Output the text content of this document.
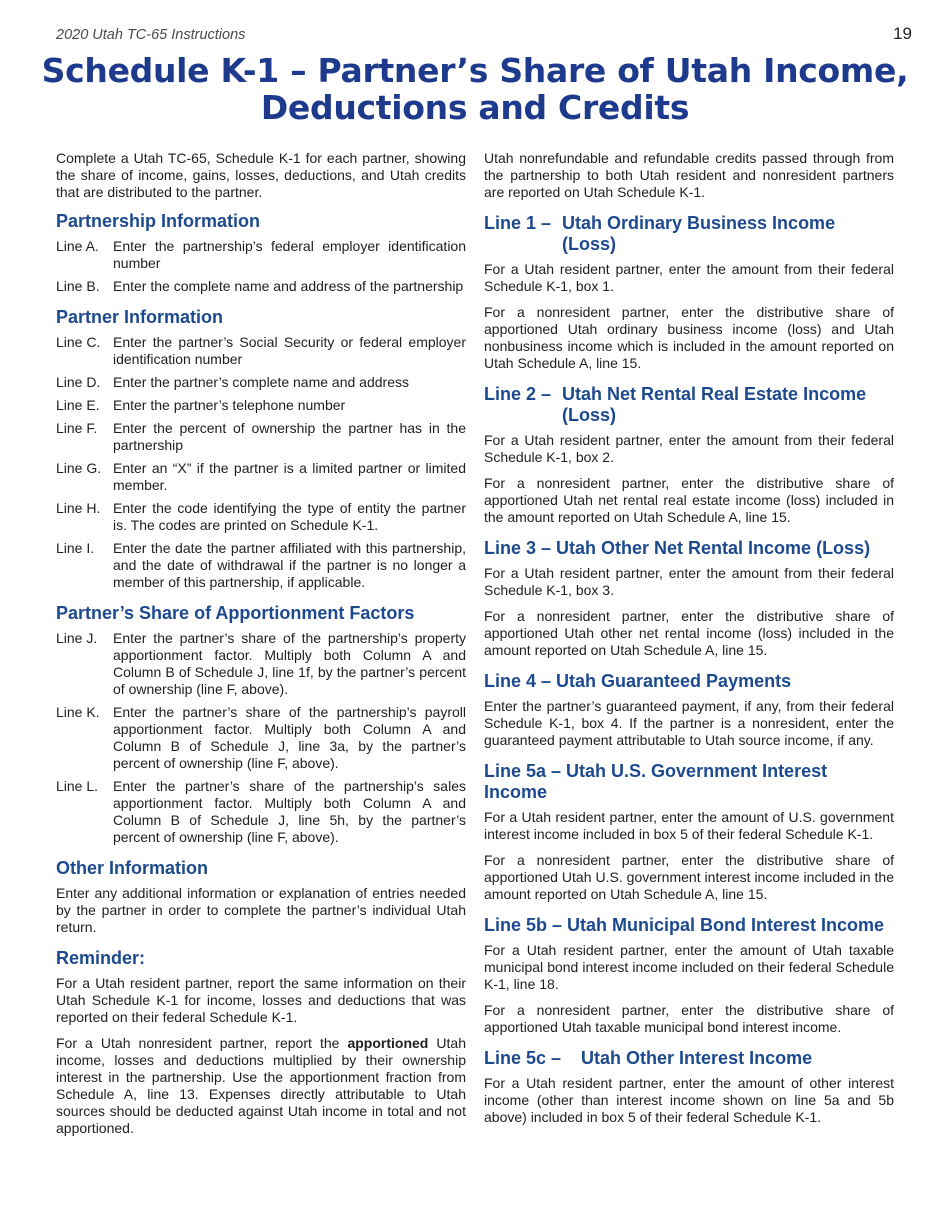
2020 Utah TC-65 Instructions	19
Schedule K-1 – Partner’s Share of Utah Income, Deductions and Credits

Complete a Utah TC-65, Schedule K-1 for each partner, showing the share of income, gains, losses, deductions, and Utah credits that are distributed to the partner.

Partnership Information
Line A.	Enter the partnership’s federal employer identification number
Line B. Enter the complete name and address of the partnership
Partner Information
Line C. Enter the partner’s Social Security or federal employer identification number
Line D. Enter the partner’s complete name and address
Line E. Enter the partner’s telephone number
Line F.	Enter the percent of ownership the partner has in the partnership
Line G. Enter an “X” if the partner is a limited partner or limited member.
Line H. Enter the code identifying the type of entity the partner is. The codes are printed on Schedule K-1.
Line I.	Enter the date the partner affiliated with this partnership, and the date of withdrawal if the partner is no longer a member of this partnership, if applicable.
Partner’s Share of Apportionment Factors
Line J.	Enter the partner’s share of the partnership’s property apportionment factor. Multiply both Column A and Column B of Schedule J, line 1f, by the partner’s percent of ownership (line F, above).
Line K. Enter the partner’s share of the partnership’s payroll apportionment factor. Multiply both Column A and Column B of Schedule J, line 3a, by the partner’s percent of ownership (line F, above).
Line L.	Enter the partner’s share of the partnership’s sales apportionment factor. Multiply both Column A and Column B of Schedule J, line 5h, by the partner’s percent of ownership (line F, above).
Other Information

Enter any additional information or explanation of entries needed by the partner in order to complete the partner’s individual Utah return.

Reminder:

For a Utah resident partner, report the same information on their Utah Schedule K-1 for income, losses and deductions that was reported on their federal Schedule K-1.

For a Utah nonresident partner, report the apportioned Utah income, losses and deductions multiplied by their ownership interest in the partnership. Use the apportionment fraction from Schedule A, line 13. Expenses directly attributable to Utah sources should be deducted against Utah income in total and not apportioned.

Utah nonrefundable and refundable credits passed through from the partnership to both Utah resident and nonresident partners are reported on Utah Schedule K-1.

Line 1 – Utah Ordinary Business Income (Loss)

For a Utah resident partner, enter the amount from their federal Schedule K-1, box 1.

For a nonresident partner, enter the distributive share of apportioned Utah ordinary business income (loss) and Utah nonbusiness income which is included in the amount reported on Utah Schedule A, line 15.

Line 2 – Utah Net Rental Real Estate Income (Loss)

For a Utah resident partner, enter the amount from their federal Schedule K-1, box 2.

For a nonresident partner, enter the distributive share of apportioned Utah net rental real estate income (loss) included in the amount reported on Utah Schedule A, line 15.

Line 3 – Utah Other Net Rental Income (Loss)

For a Utah resident partner, enter the amount from their federal Schedule K-1, box 3.

For a nonresident partner, enter the distributive share of apportioned Utah other net rental income (loss) included in the amount reported on Utah Schedule A, line 15.

Line 4 – Utah Guaranteed Payments

Enter the partner’s guaranteed payment, if any, from their federal Schedule K-1, box 4. If the partner is a nonresident, enter the guaranteed payment attributable to Utah source income, if any.

Line 5a – Utah U.S. Government Interest Income

For a Utah resident partner, enter the amount of U.S. government interest income included in box 5 of their federal Schedule K-1.

For a nonresident partner, enter the distributive share of apportioned Utah U.S. government interest income included in the amount reported on Utah Schedule A, line 15.

Line 5b – Utah Municipal Bond Interest Income

For a Utah resident partner, enter the amount of Utah taxable municipal bond interest income included on their federal Schedule K-1, line 18.

For a nonresident partner, enter the distributive share of apportioned Utah taxable municipal bond interest income.

Line 5c –    Utah Other Interest Income

For a Utah resident partner, enter the amount of other interest income (other than interest income shown on line 5a and 5b above) included in box 5 of their federal Schedule K-1.
